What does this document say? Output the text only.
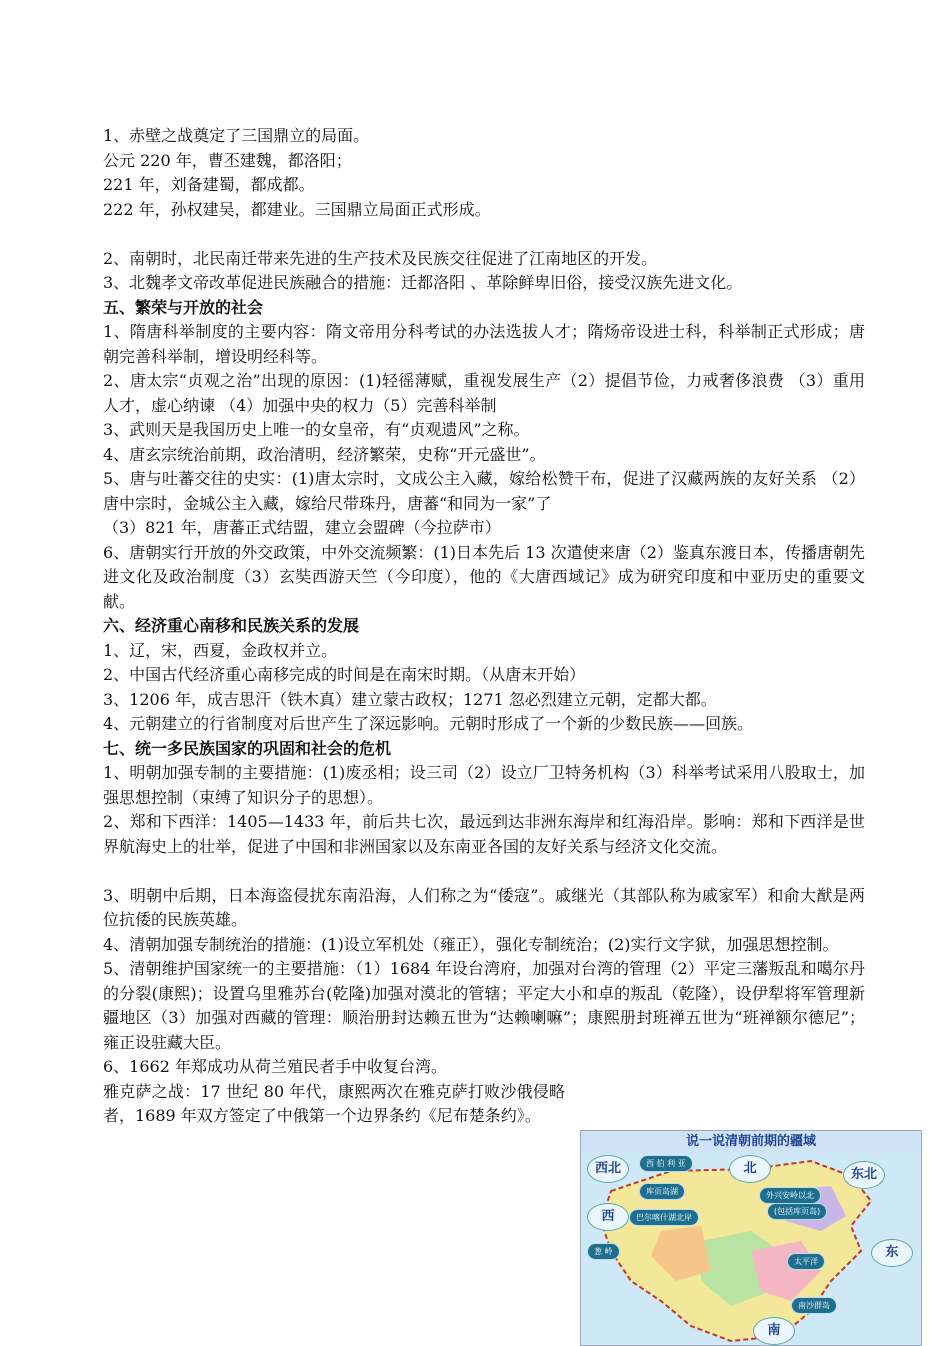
1、赤壁之战奠定了三国鼎立的局面。
公元 220 年，曹丕建魏，都洛阳；
221 年，刘备建蜀，都成都。
222 年，孙权建吴，都建业。三国鼎立局面正式形成。
2、南朝时，北民南迁带来先进的生产技术及民族交往促进了江南地区的开发。
3、北魏孝文帝改革促进民族融合的措施：迁都洛阳 、革除鲜卑旧俗，接受汉族先进文化。
五、繁荣与开放的社会
1、隋唐科举制度的主要内容：隋文帝用分科考试的办法选拔人才；隋炀帝设进士科，科举制正式形成；唐朝完善科举制，增设明经科等。
2、唐太宗“贞观之治”出现的原因：(1)轻徭薄赋，重视发展生产（2）提倡节俭，力戒奢侈浪费 （3）重用人才，虚心纳谏 （4）加强中央的权力（5）完善科举制
3、武则天是我国历史上唯一的女皇帝，有“贞观遗风”之称。
4、唐玄宗统治前期，政治清明，经济繁荣，史称“开元盛世”。
5、唐与吐蕃交往的史实：(1)唐太宗时，文成公主入藏，嫁给松赞干布，促进了汉藏两族的友好关系 （2）唐中宗时，金城公主入藏，嫁给尺带珠丹，唐蕃“和同为一家”了
（3）821 年，唐蕃正式结盟，建立会盟碑（今拉萨市）
6、唐朝实行开放的外交政策，中外交流频繁：(1)日本先后 13 次遣使来唐（2）鉴真东渡日本，传播唐朝先进文化及政治制度（3）玄奘西游天竺（今印度），他的《大唐西域记》成为研究印度和中亚历史的重要文献。
六、经济重心南移和民族关系的发展
1、辽，宋，西夏，金政权并立。
2、中国古代经济重心南移完成的时间是在南宋时期。（从唐末开始）
3、1206 年，成吉思汗（铁木真）建立蒙古政权；1271 忽必烈建立元朝，定都大都。
4、元朝建立的行省制度对后世产生了深远影响。元朝时形成了一个新的少数民族——回族。
七、统一多民族国家的巩固和社会的危机
1、明朝加强专制的主要措施：(1)废丞相；设三司（2）设立厂卫特务机构（3）科举考试采用八股取士，加强思想控制（束缚了知识分子的思想）。
2、郑和下西洋：1405—1433 年，前后共七次，最远到达非洲东海岸和红海沿岸。影响：郑和下西洋是世界航海史上的壮举，促进了中国和非洲国家以及东南亚各国的友好关系与经济文化交流。
3、明朝中后期，日本海盗侵扰东南沿海，人们称之为“倭寇”。戚继光（其部队称为戚家军）和俞大猷是两位抗倭的民族英雄。
4、清朝加强专制统治的措施：(1)设立军机处（雍正），强化专制统治；(2)实行文字狱，加强思想控制。
5、清朝维护国家统一的主要措施：（1）1684 年设台湾府，加强对台湾的管理（2）平定三藩叛乱和噶尔丹的分裂(康熙)；设置乌里雅苏台(乾隆)加强对漠北的管辖；平定大小和卓的叛乱（乾隆），设伊犁将军管理新疆地区（3）加强对西藏的管理：顺治册封达赖五世为“达赖喇嘛”；康熙册封班禅五世为“班禅额尔德尼”；雍正设驻藏大臣。
6、1662 年郑成功从荷兰殖民者手中收复台湾。
雅克萨之战：17 世纪 80 年代，康熙两次在雅克萨打败沙俄侵略者，1689 年双方签定了中俄第一个边界条约《尼布楚条约》。
说一说清朝前期的疆域
西北	北	东北
西
东
南
西 伯 利 亚
库页岛湖
巴尔喀什湖北岸
外兴安岭以北
(包括库页岛)
葱 岭
太平洋
南沙群岛
